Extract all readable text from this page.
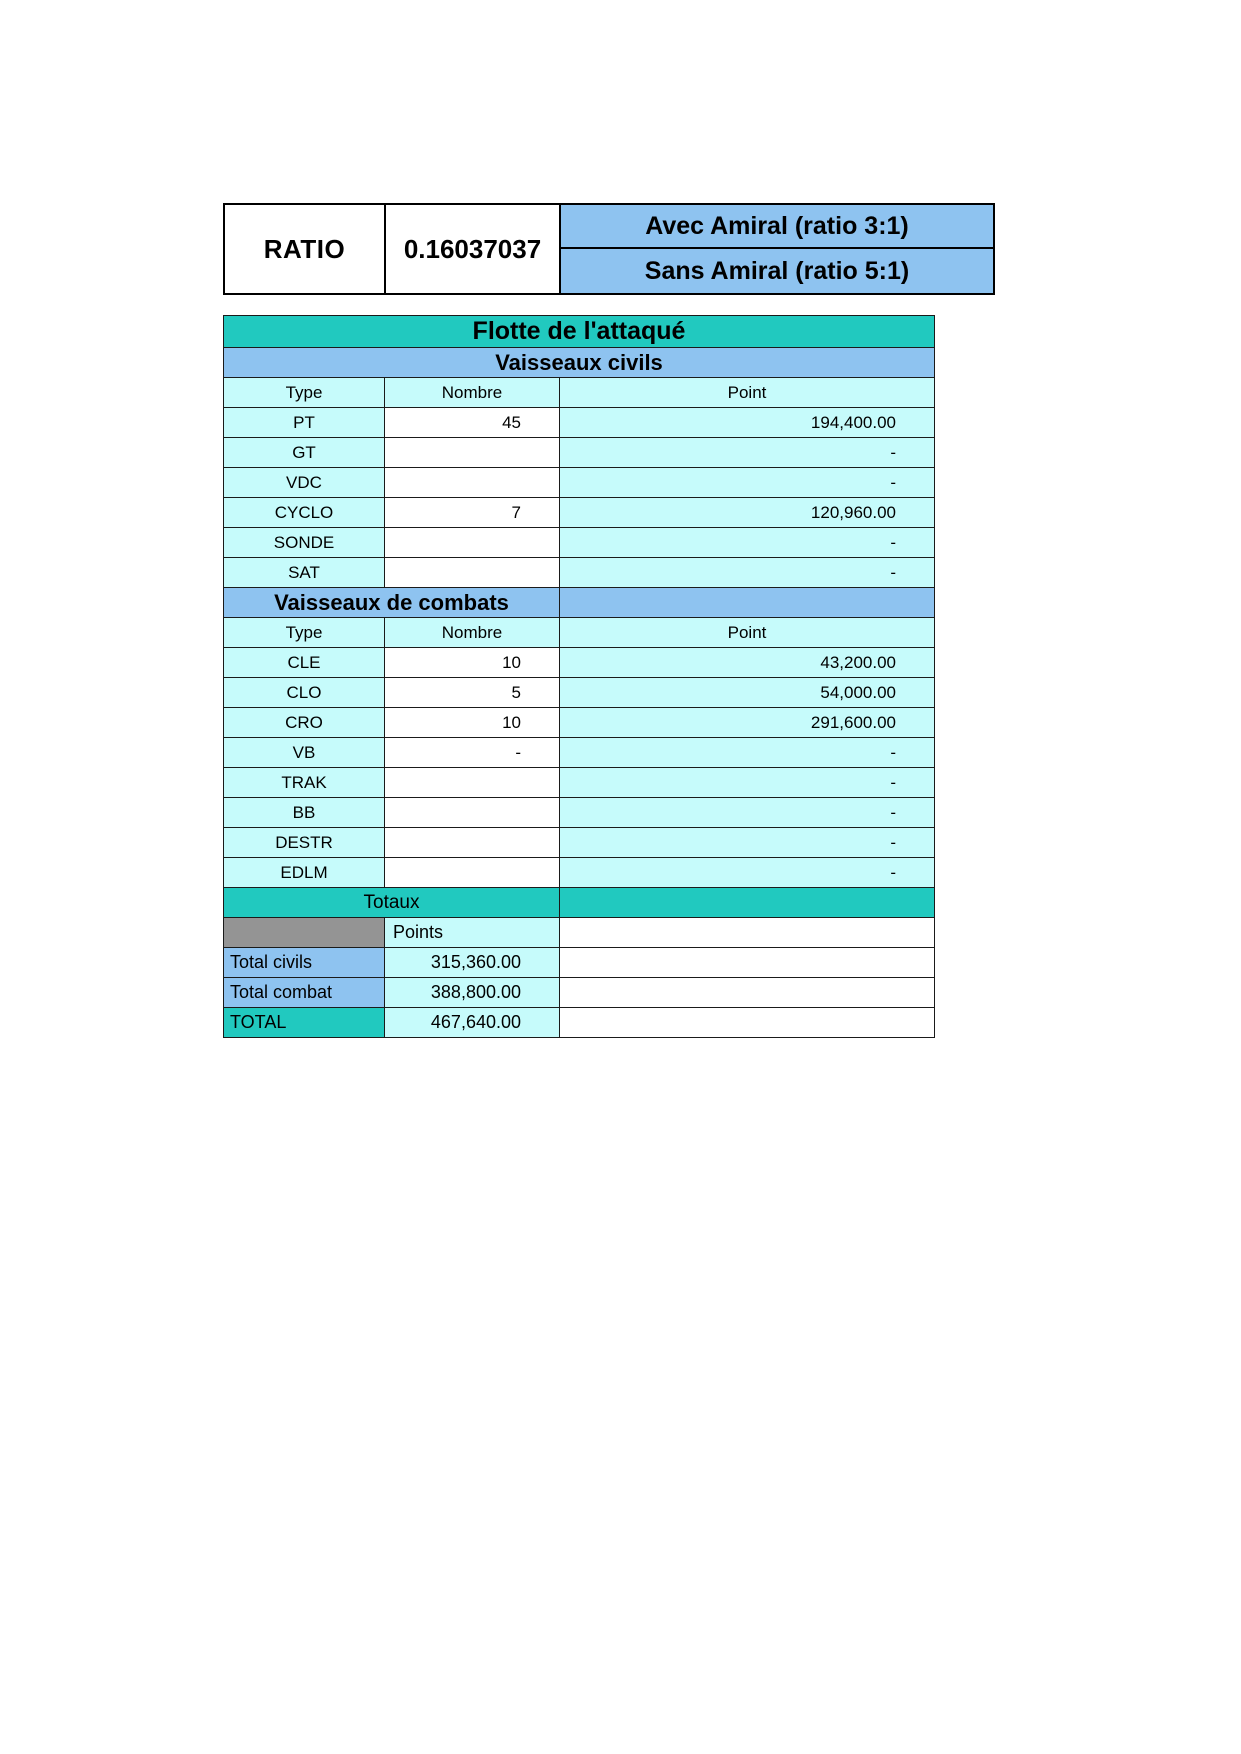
RATIO	0.16037037
Avec Amiral (ratio 3:1)
Sans Amiral (ratio 5:1)
Flotte de l'attaqué		
Vaisseaux civils		
Type	Nombre	Point
PT	45	194,400.00
GT		-
VDC		-
CYCLO	7	120,960.00
SONDE		-
SAT		-
Vaisseaux de combats		
Type	Nombre	Point
CLE	10	43,200.00
CLO	5	54,000.00
CRO	10	291,600.00
VB	-	-
TRAK		-
BB		-
DESTR		-
EDLM		-
Totaux		
	Points	
Total civils	315,360.00	
Total combat	388,800.00	
TOTAL	467,640.00	
